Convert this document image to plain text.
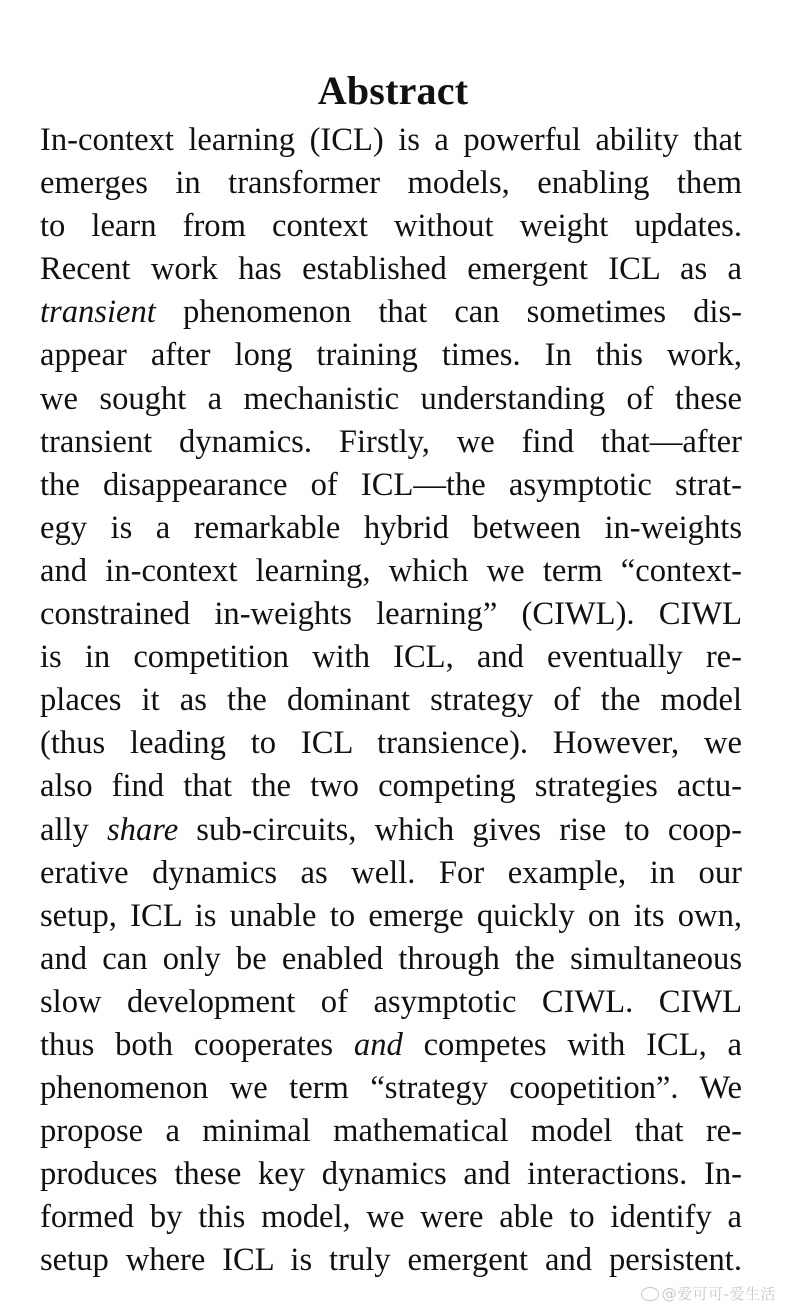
Abstract
In-context learning (ICL) is a powerful ability that
emerges in transformer models, enabling them
to learn from context without weight updates.
Recent work has established emergent ICL as a
transient phenomenon that can sometimes dis-
appear after long training times. In this work,
we sought a mechanistic understanding of these
transient dynamics. Firstly, we find that—after
the disappearance of ICL—the asymptotic strat-
egy is a remarkable hybrid between in-weights
and in-context learning, which we term “context-
constrained in-weights learning” (CIWL). CIWL
is in competition with ICL, and eventually re-
places it as the dominant strategy of the model
(thus leading to ICL transience). However, we
also find that the two competing strategies actu-
ally share sub-circuits, which gives rise to coop-
erative dynamics as well. For example, in our
setup, ICL is unable to emerge quickly on its own,
and can only be enabled through the simultaneous
slow development of asymptotic CIWL. CIWL
thus both cooperates and competes with ICL, a
phenomenon we term “strategy coopetition”. We
propose a minimal mathematical model that re-
produces these key dynamics and interactions. In-
formed by this model, we were able to identify a
setup where ICL is truly emergent and persistent.
@爱可可-爱生活
